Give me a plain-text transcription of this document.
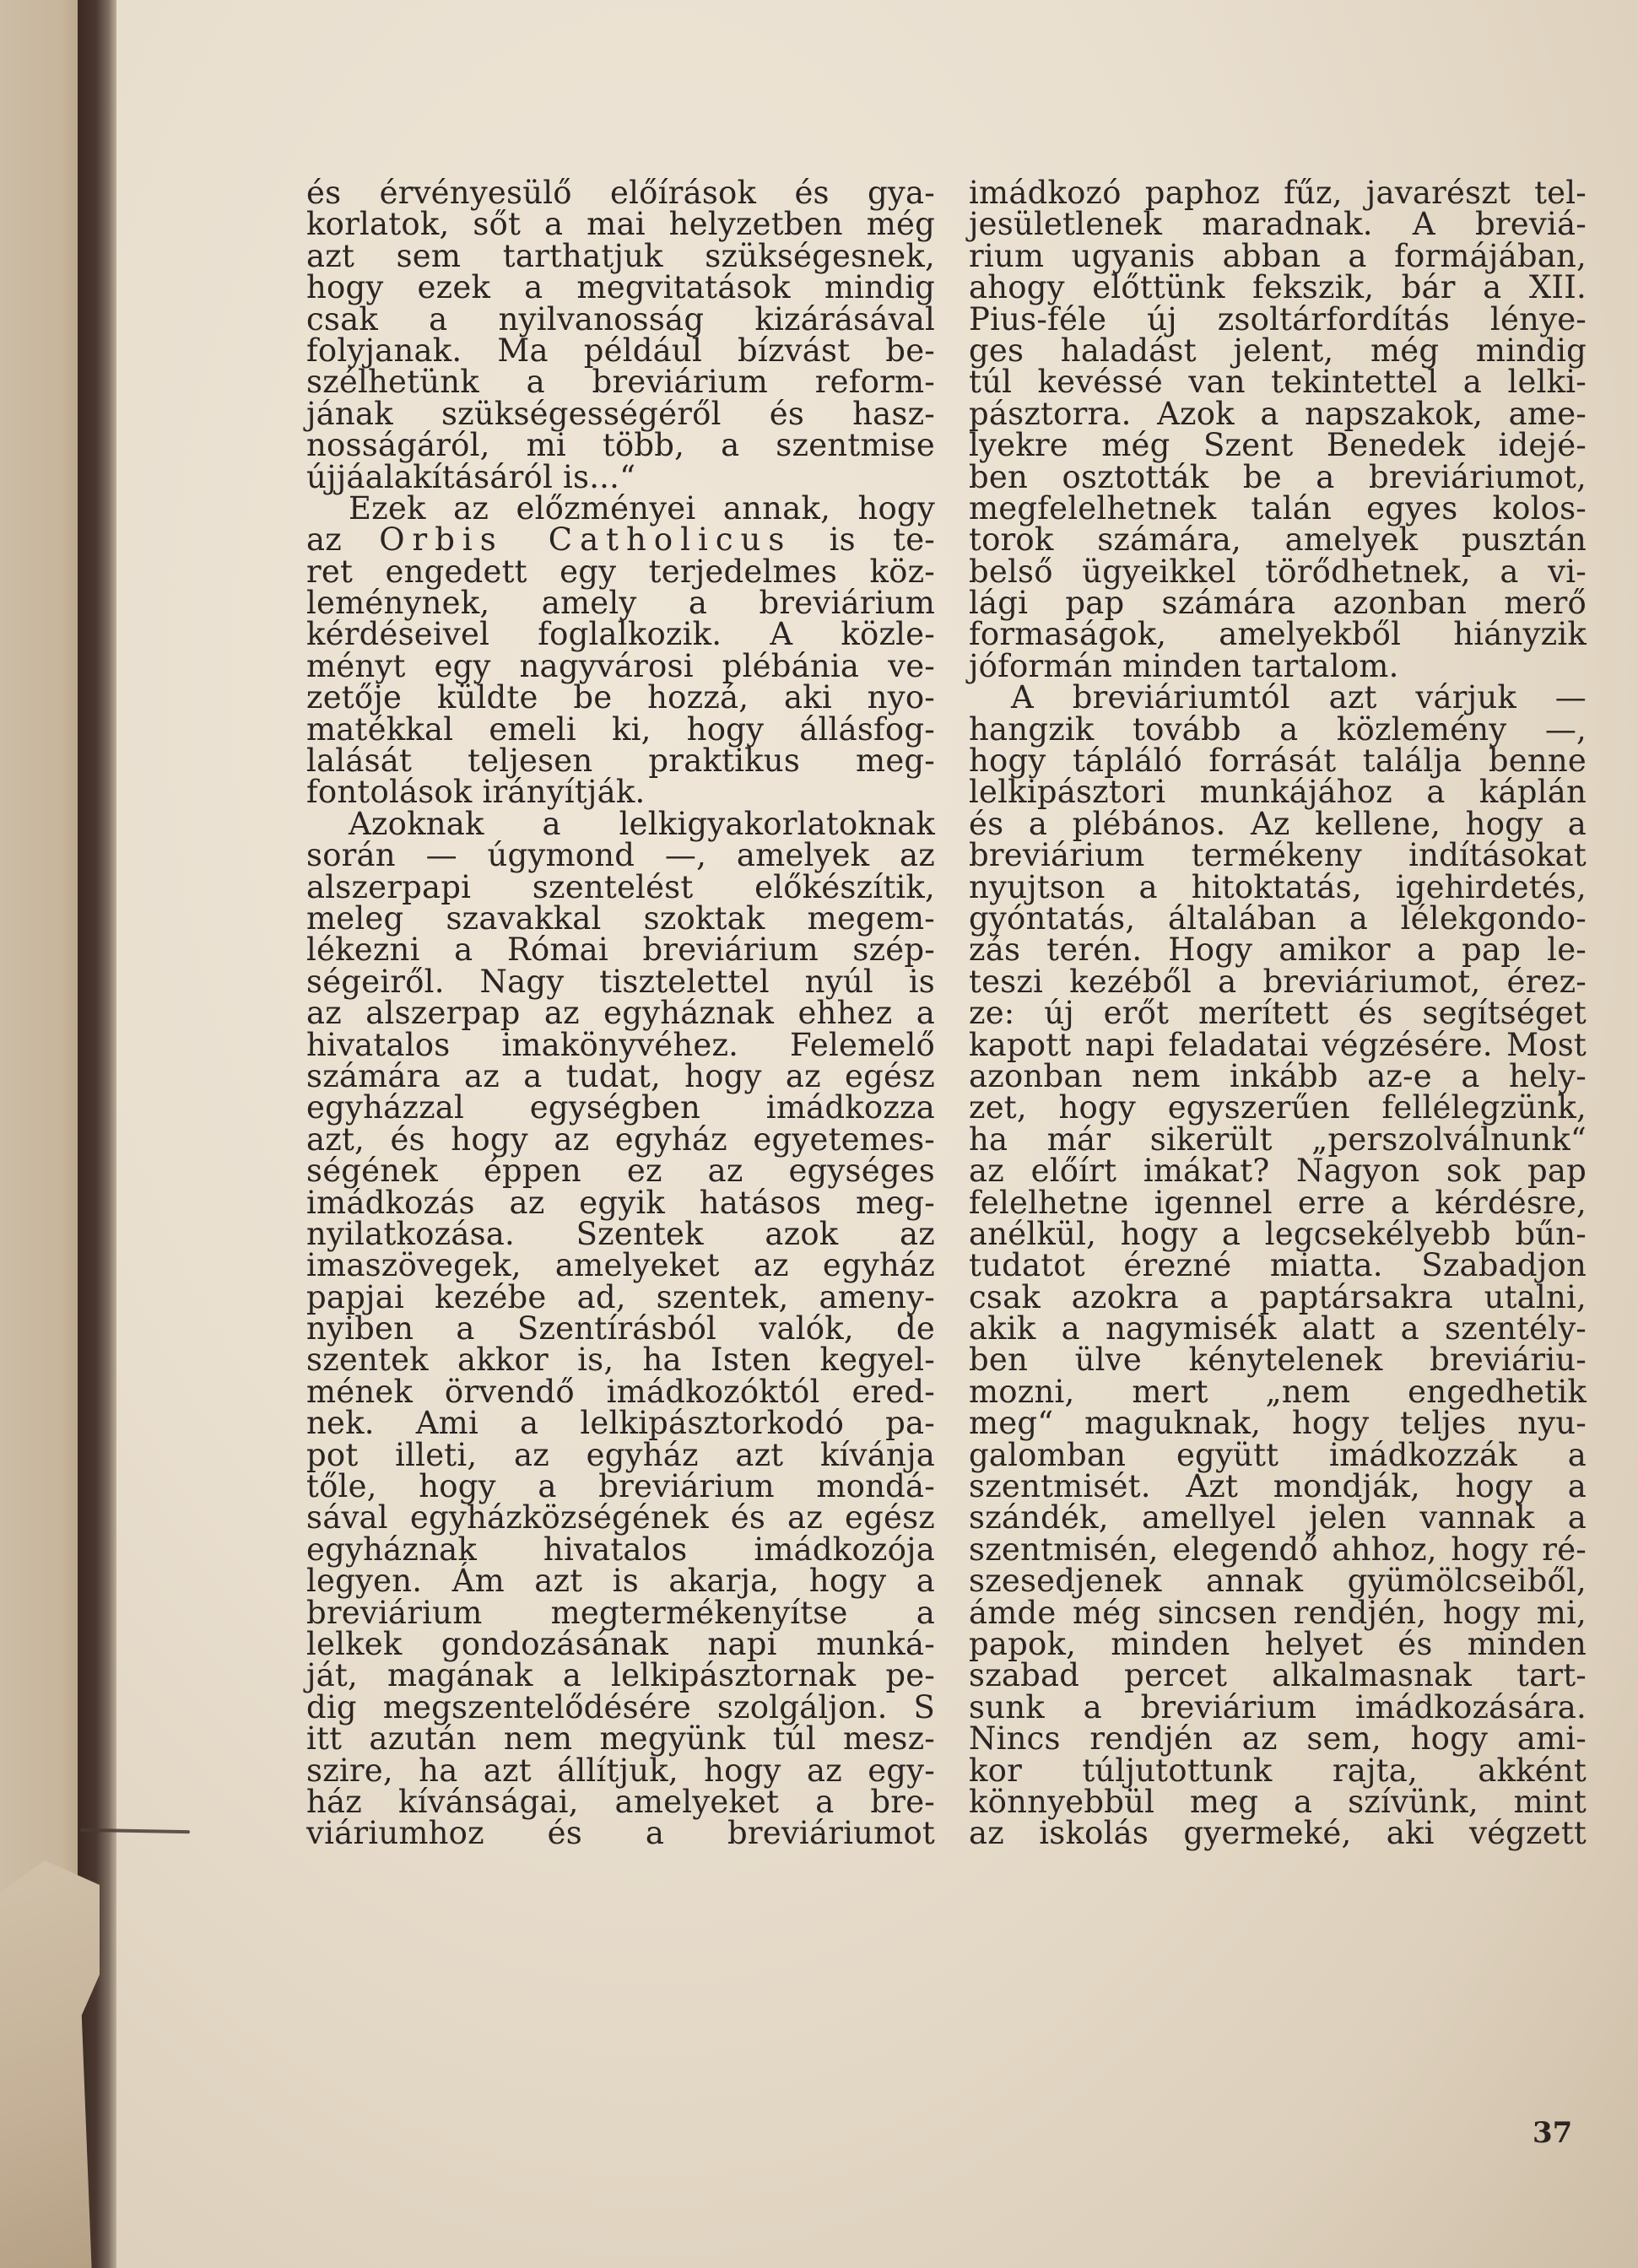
és érvényesülő előírások és gya-
korlatok, sőt a mai helyzetben még
azt sem tarthatjuk szükségesnek,
hogy ezek a megvitatások mindig
csak a nyilvanosság kizárásával
folyjanak. Ma például bízvást be-
szélhetünk a breviárium reform-
jának szükségességéről és hasz-
nosságáról, mi több, a szentmise
újjáalakításáról is...“
Ezek az előzményei annak, hogy
az Orbis Catholicus is te-
ret engedett egy terjedelmes köz-
leménynek, amely a breviárium
kérdéseivel foglalkozik. A közle-
ményt egy nagyvárosi plébánia ve-
zetője küldte be hozzá, aki nyo-
matékkal emeli ki, hogy állásfog-
lalását teljesen praktikus meg-
fontolások irányítják.
Azoknak a lelkigyakorlatoknak
során — úgymond —, amelyek az
alszerpapi szentelést előkészítik,
meleg szavakkal szoktak megem-
lékezni a Római breviárium szép-
ségeiről. Nagy tisztelettel nyúl is
az alszerpap az egyháznak ehhez a
hivatalos imakönyvéhez. Felemelő
számára az a tudat, hogy az egész
egyházzal egységben imádkozza
azt, és hogy az egyház egyetemes-
ségének éppen ez az egységes
imádkozás az egyik hatásos meg-
nyilatkozása. Szentek azok az
imaszövegek, amelyeket az egyház
papjai kezébe ad, szentek, ameny-
nyiben a Szentírásból valók, de
szentek akkor is, ha Isten kegyel-
mének örvendő imádkozóktól ered-
nek. Ami a lelkipásztorkodó pa-
pot illeti, az egyház azt kívánja
tőle, hogy a breviárium mondá-
sával egyházközségének és az egész
egyháznak hivatalos imádkozója
legyen. Ám azt is akarja, hogy a
breviárium megtermékenyítse a
lelkek gondozásának napi munká-
ját, magának a lelkipásztornak pe-
dig megszentelődésére szolgáljon. S
itt azután nem megyünk túl mesz-
szire, ha azt állítjuk, hogy az egy-
ház kívánságai, amelyeket a bre-
viáriumhoz és a breviáriumot
imádkozó paphoz fűz, javarészt tel-
jesületlenek maradnak. A breviá-
rium ugyanis abban a formájában,
ahogy előttünk fekszik, bár a XII.
Pius-féle új zsoltárfordítás lénye-
ges haladást jelent, még mindig
túl kevéssé van tekintettel a lelki-
pásztorra. Azok a napszakok, ame-
lyekre még Szent Benedek idejé-
ben osztották be a breviáriumot,
megfelelhetnek talán egyes kolos-
torok számára, amelyek pusztán
belső ügyeikkel törődhetnek, a vi-
lági pap számára azonban merő
formaságok, amelyekből hiányzik
jóformán minden tartalom.
A breviáriumtól azt várjuk —
hangzik tovább a közlemény —,
hogy tápláló forrását találja benne
lelkipásztori munkájához a káplán
és a plébános. Az kellene, hogy a
breviárium termékeny indításokat
nyujtson a hitoktatás, igehirdetés,
gyóntatás, általában a lélekgondo-
zás terén. Hogy amikor a pap le-
teszi kezéből a breviáriumot, érez-
ze: új erőt merített és segítséget
kapott napi feladatai végzésére. Most
azonban nem inkább az-e a hely-
zet, hogy egyszerűen fellélegzünk,
ha már sikerült „perszolválnunk“
az előírt imákat? Nagyon sok pap
felelhetne igennel erre a kérdésre,
anélkül, hogy a legcsekélyebb bűn-
tudatot érezné miatta. Szabadjon
csak azokra a paptársakra utalni,
akik a nagymisék alatt a szentély-
ben ülve kénytelenek breviáriu-
mozni, mert „nem engedhetik
meg“ maguknak, hogy teljes nyu-
galomban együtt imádkozzák a
szentmisét. Azt mondják, hogy a
szándék, amellyel jelen vannak a
szentmisén, elegendő ahhoz, hogy ré-
szesedjenek annak gyümölcseiből,
ámde még sincsen rendjén, hogy mi,
papok, minden helyet és minden
szabad percet alkalmasnak tart-
sunk a breviárium imádkozására.
Nincs rendjén az sem, hogy ami-
kor túljutottunk rajta, akként
könnyebbül meg a szívünk, mint
az iskolás gyermeké, aki végzett
37
